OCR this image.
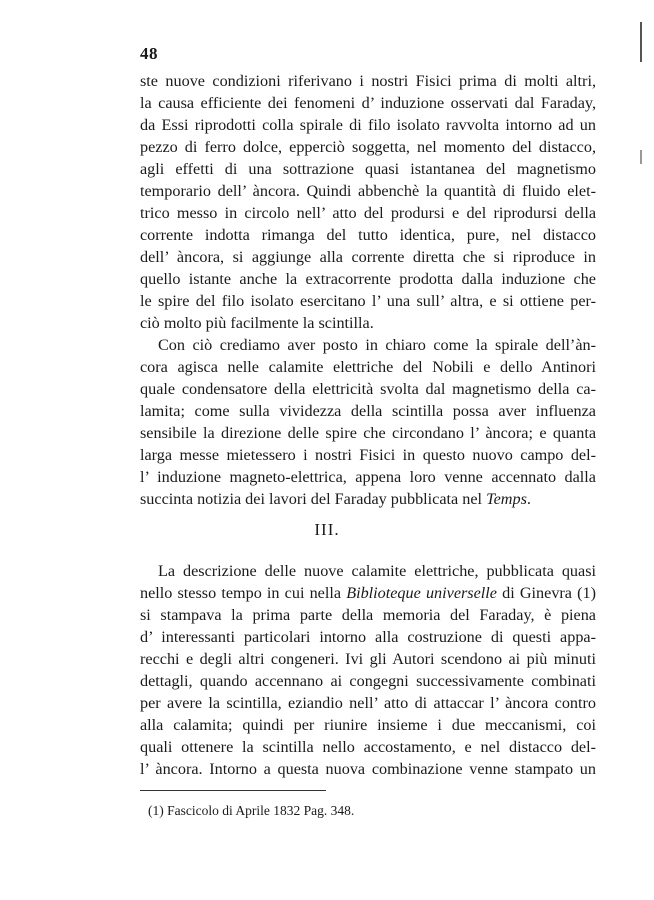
48
ste nuove condizioni riferivano i nostri Fisici prima di molti altri,
la causa efficiente dei fenomeni d’ induzione osservati dal Faraday,
da Essi riprodotti colla spirale di filo isolato ravvolta intorno ad un
pezzo di ferro dolce, epperciò soggetta, nel momento del distacco,
agli effetti di una sottrazione quasi istantanea del magnetismo
temporario dell’ àncora. Quindi abbenchè la quantità di fluido elet-
trico messo in circolo nell’ atto del prodursi e del riprodursi della
corrente indotta rimanga del tutto identica, pure, nel distacco
dell’ àncora, si aggiunge alla corrente diretta che si riproduce in
quello istante anche la extracorrente prodotta dalla induzione che
le spire del filo isolato esercitano l’ una sull’ altra, e si ottiene per-
ciò molto più facilmente la scintilla.
Con ciò crediamo aver posto in chiaro come la spirale dell’àn-
cora agisca nelle calamite elettriche del Nobili e dello Antinori
quale condensatore della elettricità svolta dal magnetismo della ca-
lamita; come sulla vividezza della scintilla possa aver influenza
sensibile la direzione delle spire che circondano l’ àncora; e quanta
larga messe mietessero i nostri Fisici in questo nuovo campo del-
l’ induzione magneto-elettrica, appena loro venne accennato dalla
succinta notizia dei lavori del Faraday pubblicata nel Temps.
III.
La descrizione delle nuove calamite elettriche, pubblicata quasi
nello stesso tempo in cui nella Biblioteque universelle di Ginevra (1)
si stampava la prima parte della memoria del Faraday, è piena
d’ interessanti particolari intorno alla costruzione di questi appa-
recchi e degli altri congeneri. Ivi gli Autori scendono ai più minuti
dettagli, quando accennano ai congegni successivamente combinati
per avere la scintilla, eziandio nell’ atto di attaccar l’ àncora contro
alla calamita; quindi per riunire insieme i due meccanismi, coi
quali ottenere la scintilla nello accostamento, e nel distacco del-
l’ àncora. Intorno a questa nuova combinazione venne stampato un
(1) Fascicolo di Aprile 1832 Pag. 348.
